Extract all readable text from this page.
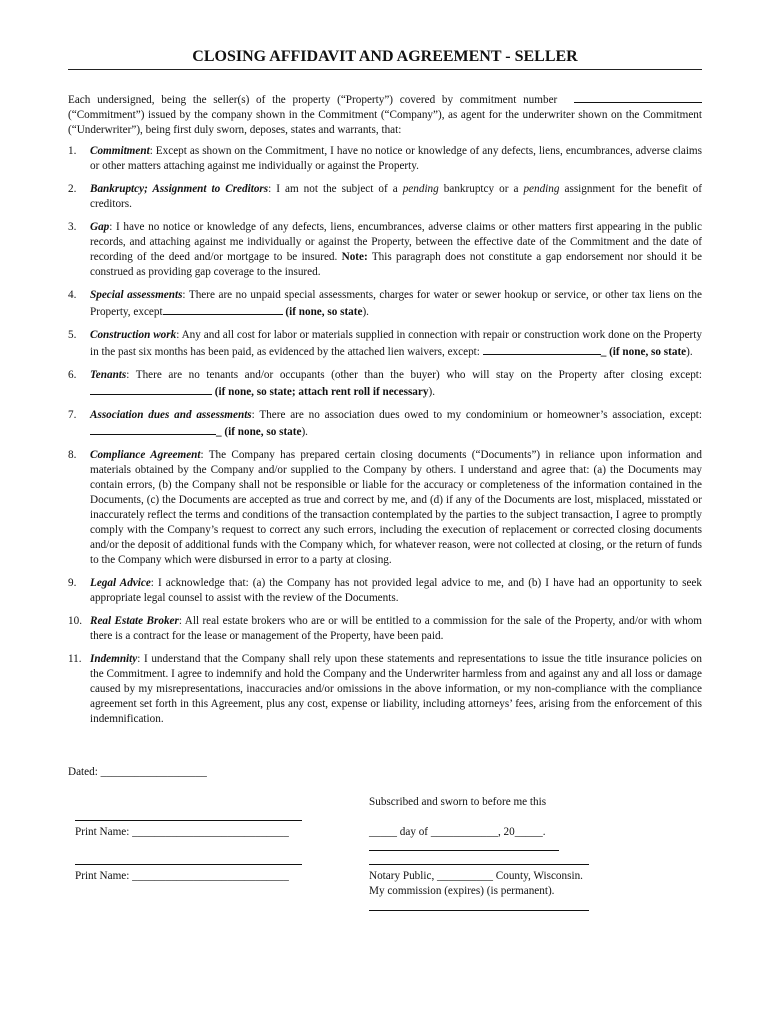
CLOSING AFFIDAVIT AND AGREEMENT - SELLER
Each undersigned, being the seller(s) of the property (“Property”) covered by commitment number  (“Commitment”) issued by the company shown in the Commitment (“Company”), as agent for the underwriter shown on the Commitment (“Underwriter”), being first duly sworn, deposes, states and warrants, that:
1. Commitment: Except as shown on the Commitment, I have no notice or knowledge of any defects, liens, encumbrances, adverse claims or other matters attaching against me individually or against the Property.
2. Bankruptcy; Assignment to Creditors: I am not the subject of a pending bankruptcy or a pending assignment for the benefit of creditors.
3. Gap: I have no notice or knowledge of any defects, liens, encumbrances, adverse claims or other matters first appearing in the public records, and attaching against me individually or against the Property, between the effective date of the Commitment and the date of recording of the deed and/or mortgage to be insured. Note: This paragraph does not constitute a gap endorsement nor should it be construed as providing gap coverage to the insured.
4. Special assessments: There are no unpaid special assessments, charges for water or sewer hookup or service, or other tax liens on the Property, except	(if none, so state).
5. Construction work: Any and all cost for labor or materials supplied in connection with repair or construction work done on the Property in the past six months has been paid, as evidenced by the attached lien waivers, except:	_ (if none, so state).
6. Tenants: There are no tenants and/or occupants (other than the buyer) who will stay on the Property after closing except:  (if none, so state; attach rent roll if necessary).
7. Association dues and assessments: There are no association dues owed to my condominium or homeowner’s association, except: _ (if none, so state).
8. Compliance Agreement: The Company has prepared certain closing documents (“Documents”) in reliance upon information and materials obtained by the Company and/or supplied to the Company by others. I understand and agree that: (a) the Documents may contain errors, (b) the Company shall not be responsible or liable for the accuracy or completeness of the information contained in the Documents, (c) the Documents are accepted as true and correct by me, and (d) if any of the Documents are lost, misplaced, misstated or inaccurately reflect the terms and conditions of the transaction contemplated by the parties to the subject transaction, I agree to promptly comply with the Company’s request to correct any such errors, including the execution of replacement or corrected closing documents and/or the deposit of additional funds with the Company which, for whatever reason, were not collected at closing, or the return of funds to the Company which were disbursed in error to a party at closing.
9. Legal Advice: I acknowledge that: (a) the Company has not provided legal advice to me, and (b) I have had an opportunity to seek appropriate legal counsel to assist with the review of the Documents.
10. Real Estate Broker: All real estate brokers who are or will be entitled to a commission for the sale of the Property, and/or with whom there is a contract for the lease or management of the Property, have been paid.
11. Indemnity: I understand that the Company shall rely upon these statements and representations to issue the title insurance policies on the Commitment. I agree to indemnify and hold the Company and the Underwriter harmless from and against any and all loss or damage caused by my misrepresentations, inaccuracies and/or omissions in the above information, or my non-compliance with the compliance agreement set forth in this Agreement, plus any cost, expense or liability, including attorneys’ fees, arising from the enforcement of this indemnification.
Dated: ___________________
Subscribed and sworn to before me this
Print Name: ____________________________	_____ day of ____________, 20_____.
Print Name: ____________________________	Notary Public, __________ County, Wisconsin.
My commission (expires) (is permanent).
